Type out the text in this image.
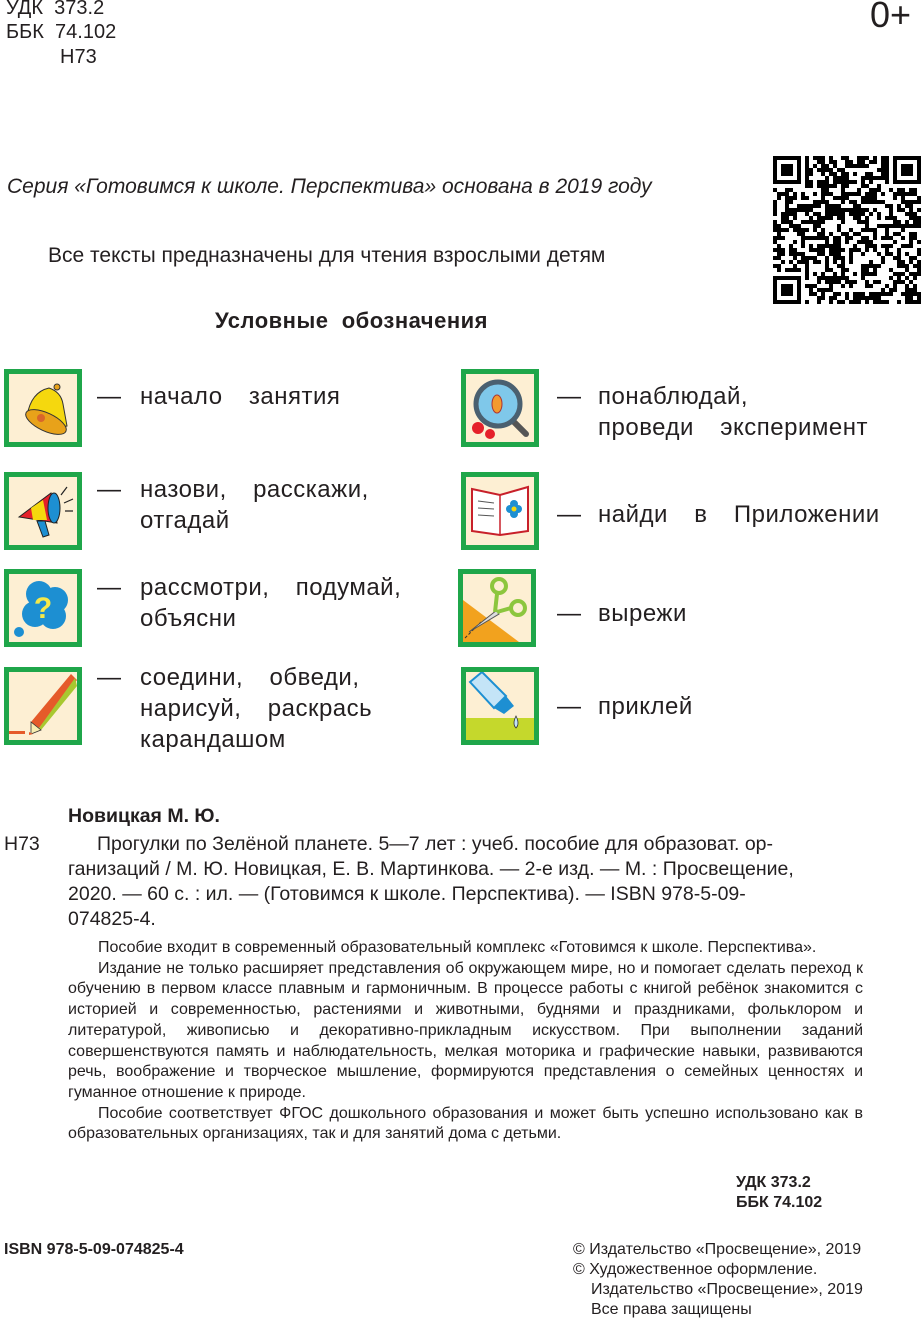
УДК 373.2
ББК 74.102
Н73
0+
Серия «Готовимся к школе. Перспектива» основана в 2019 году
Все тексты предназначены для чтения взрослыми детям
Условные  обозначения
— начало  занятия
— назови,  расскажи,
отгадай
?
— рассмотри,  подумай,
объясни
— соедини,  обведи,
нарисуй,  раскрась
карандашом
— понаблюдай,
проведи  эксперимент
— найди  в  Приложении
— вырежи
— приклей
Новицкая М. Ю.
Н73	Прогулки по Зелёной планете. 5—7 лет : учеб. пособие для образоват. ор-
ганизаций / М. Ю. Новицкая, Е. В. Мартинкова. — 2-е изд. — М. : Просвещение,
2020. — 60 с. : ил. — (Готовимся к школе. Перспектива). — ISBN 978-5-09-
074825-4.

Пособие входит в современный образовательный комплекс «Готовимся к школе. Перспектива».

Издание не только расширяет представления об окружающем мире, но и помогает сделать переход к обучению в первом классе плавным и гармоничным. В процессе работы с книгой ребёнок знакомится с историей и современностью, растениями и животными, буднями и праздниками, фольклором и литературой, живописью и декоративно-прикладным искусством. При выполнении заданий совершенствуются память и наблюдательность, мелкая моторика и графические навыки, развиваются речь, воображение и творческое мышление, формируются представления о семейных ценностях и гуманное отношение к природе.

Пособие соответствует ФГОС дошкольного образования и может быть успешно использовано как в образовательных организациях, так и для занятий дома с детьми.

УДК 373.2
ББК 74.102
ISBN 978-5-09-074825-4	© Издательство «Просвещение», 2019
© Художественное оформление.
Издательство «Просвещение», 2019
Все права защищены
